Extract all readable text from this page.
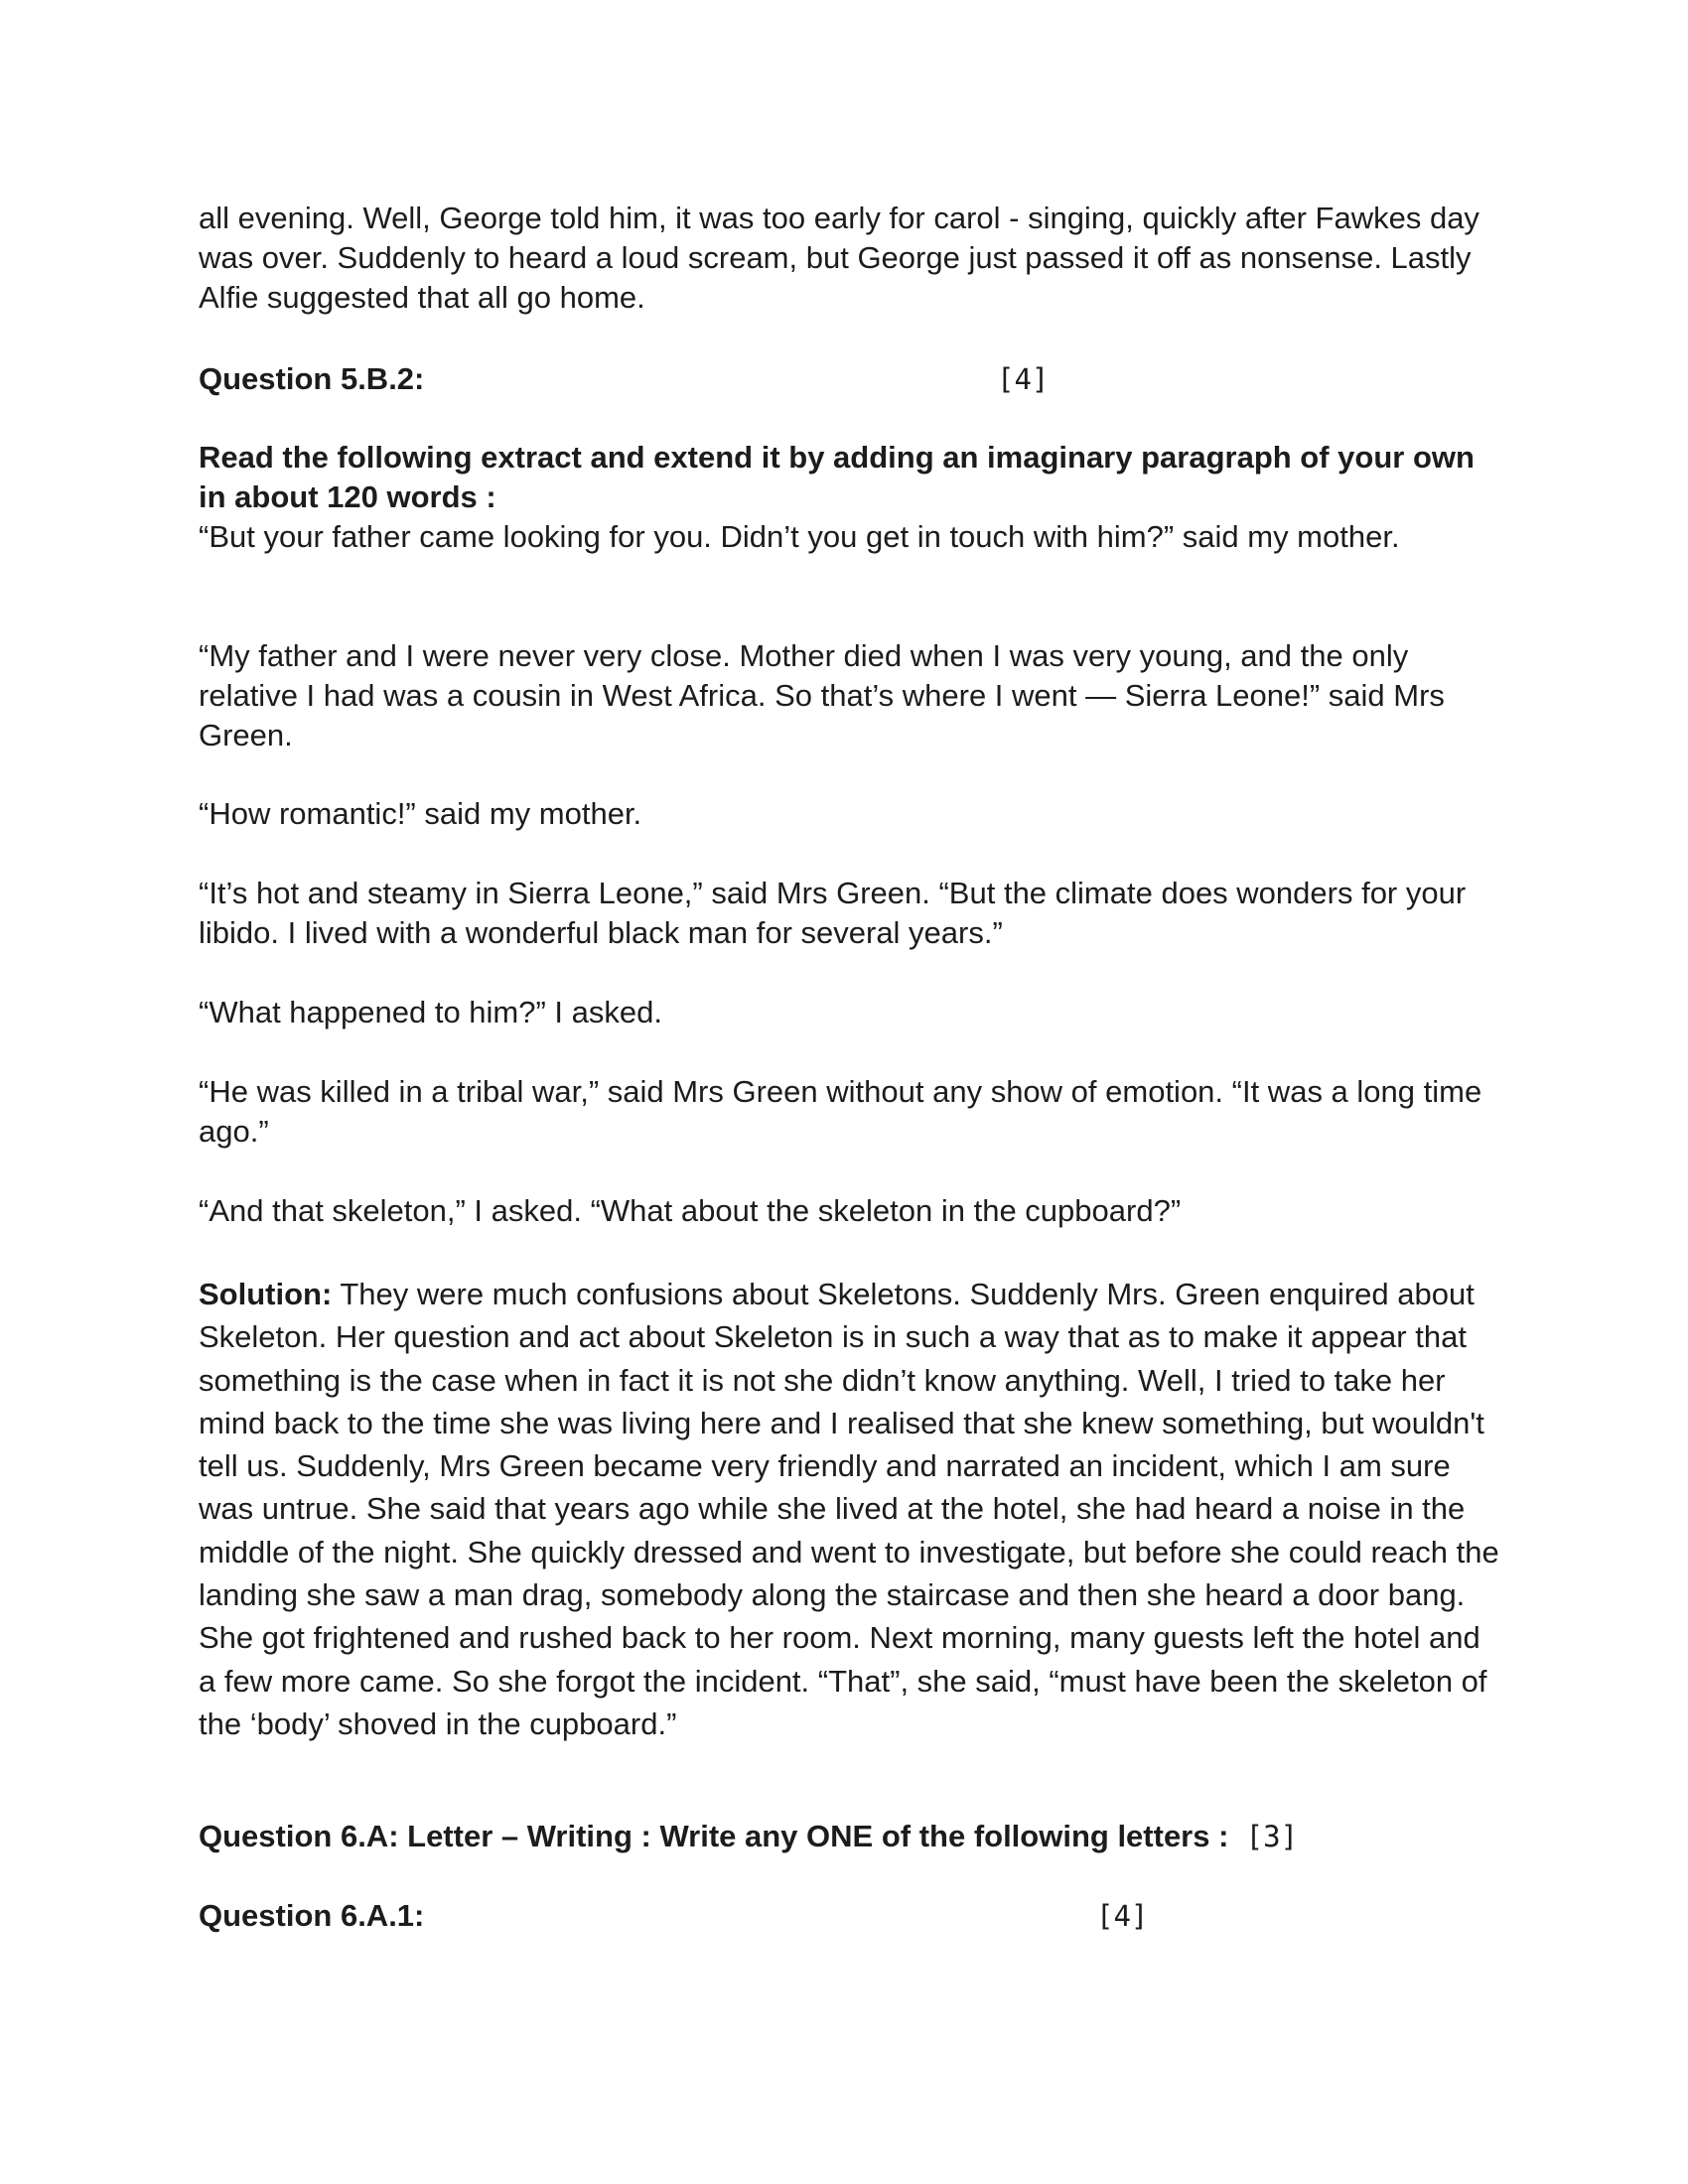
all evening. Well, George told him, it was too early for carol - singing, quickly after Fawkes day was over. Suddenly to heard a loud scream, but George just passed it off as nonsense. Lastly Alfie suggested that all go home.

Question 5.B.2:	[4]

Read the following extract and extend it by adding an imaginary paragraph of your own in about 120 words :

“But your father came looking for you. Didn’t you get in touch with him?” said my mother.

“My father and I were never very close. Mother died when I was very young, and the only relative I had was a cousin in West Africa. So that’s where I went — Sierra Leone!” said Mrs Green.

“How romantic!” said my mother.

“It’s hot and steamy in Sierra Leone,” said Mrs Green. “But the climate does wonders for your libido. I lived with a wonderful black man for several years.”

“What happened to him?” I asked.

“He was killed in a tribal war,” said Mrs Green without any show of emotion. “It was a long time ago.”

“And that skeleton,” I asked. “What about the skeleton in the cupboard?”

Solution: They were much confusions about Skeletons. Suddenly Mrs. Green enquired about Skeleton. Her question and act about Skeleton is in such a way that as to make it appear that something is the case when in fact it is not she didn’t know anything. Well, I tried to take her mind back to the time she was living here and I realised that she knew something, but wouldn't tell us. Suddenly, Mrs Green became very friendly and narrated an incident, which I am sure was untrue. She said that years ago while she lived at the hotel, she had heard a noise in the middle of the night. She quickly dressed and went to investigate, but before she could reach the landing she saw a man drag, somebody along the staircase and then she heard a door bang. She got frightened and rushed back to her room. Next morning, many guests left the hotel and a few more came. So she forgot the incident. “That”, she said, “must have been the skeleton of the ‘body’ shoved in the cupboard.”

Question 6.A: Letter – Writing : Write any ONE of the following letters : [3]

Question 6.A.1:	[4]
